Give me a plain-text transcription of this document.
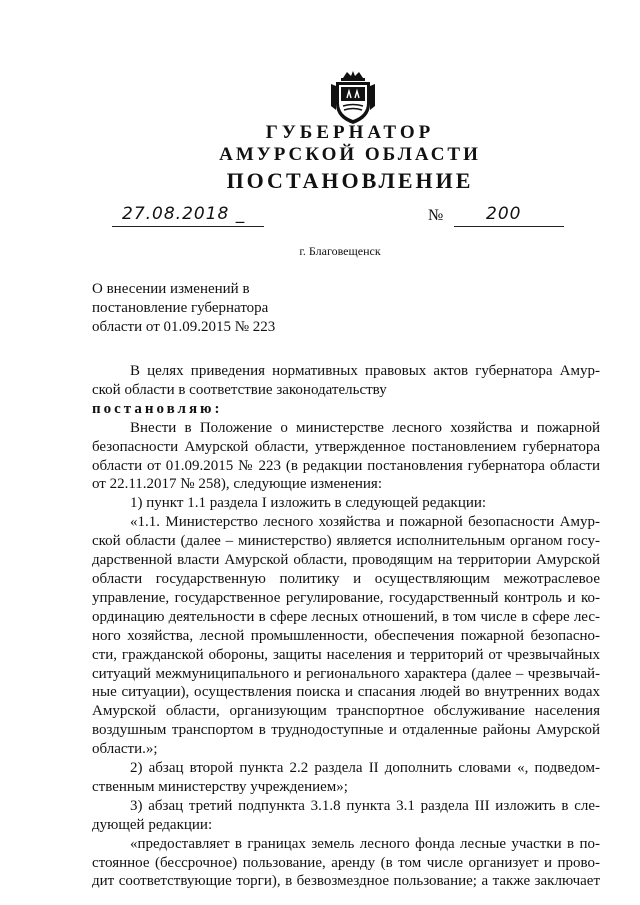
ГУБЕРНАТОР
АМУРСКОЙ ОБЛАСТИ
ПОСТАНОВЛЕНИЕ
27.08.2018 _	№	200
г. Благовещенск
О внесении изменений в
постановление губернатора
области от 01.09.2015 № 223
В целях приведения нормативных правовых актов губернатора Амур-
ской области в соответствие законодательству
постановляю:
Внести в Положение о министерстве лесного хозяйства и пожарной
безопасности Амурской области, утвержденное постановлением губернатора
области от 01.09.2015 № 223 (в редакции постановления губернатора области
от 22.11.2017 № 258), следующие изменения:
1) пункт 1.1 раздела I изложить в следующей редакции:
«1.1. Министерство лесного хозяйства и пожарной безопасности Амур-
ской области (далее – министерство) является исполнительным органом госу-
дарственной власти Амурской области, проводящим на территории Амурской
области государственную политику и осуществляющим межотраслевое
управление, государственное регулирование, государственный контроль и ко-
ординацию деятельности в сфере лесных отношений, в том числе в сфере лес-
ного хозяйства, лесной промышленности, обеспечения пожарной безопасно-
сти, гражданской обороны, защиты населения и территорий от чрезвычайных
ситуаций межмуниципального и регионального характера (далее – чрезвычай-
ные ситуации), осуществления поиска и спасания людей во внутренних водах
Амурской области, организующим транспортное обслуживание населения
воздушным транспортом в труднодоступные и отдаленные районы Амурской
области.»;
2) абзац второй пункта 2.2 раздела II дополнить словами «, подведом-
ственным министерству учреждением»;
3) абзац третий подпункта 3.1.8 пункта 3.1 раздела III изложить в сле-
дующей редакции:
«предоставляет в границах земель лесного фонда лесные участки в по-
стоянное (бессрочное) пользование, аренду (в том числе организует и прово-
дит соответствующие торги), в безвозмездное пользование; а также заключает
